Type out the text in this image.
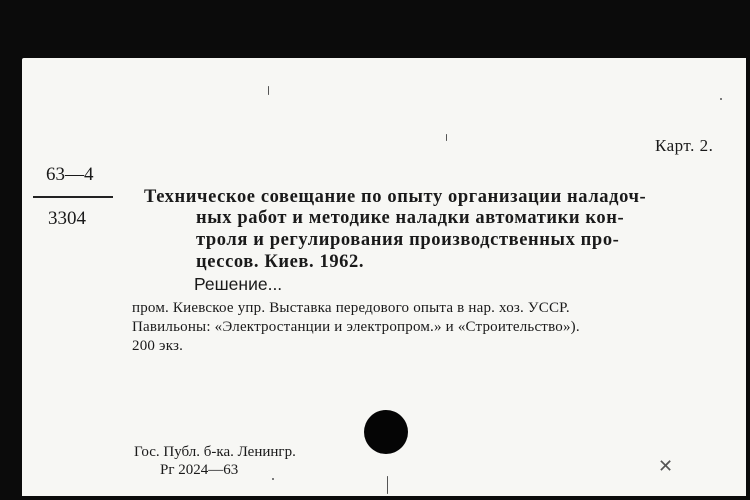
Карт. 2.
63—4
3304
Техническое совещание по опыту организации наладоч-
ных работ и методике наладки автоматики кон-
троля и регулирования производственных про-
цессов. Киев. 1962.
Решение...
пром. Киевское упр. Выставка передового опыта в нар. хоз. УССР.
Павильоны: «Электростанции и электропром.» и «Строительство»).
200 экз.
Гос. Публ. б-ка. Ленингр.
Рг 2024—63	✕
